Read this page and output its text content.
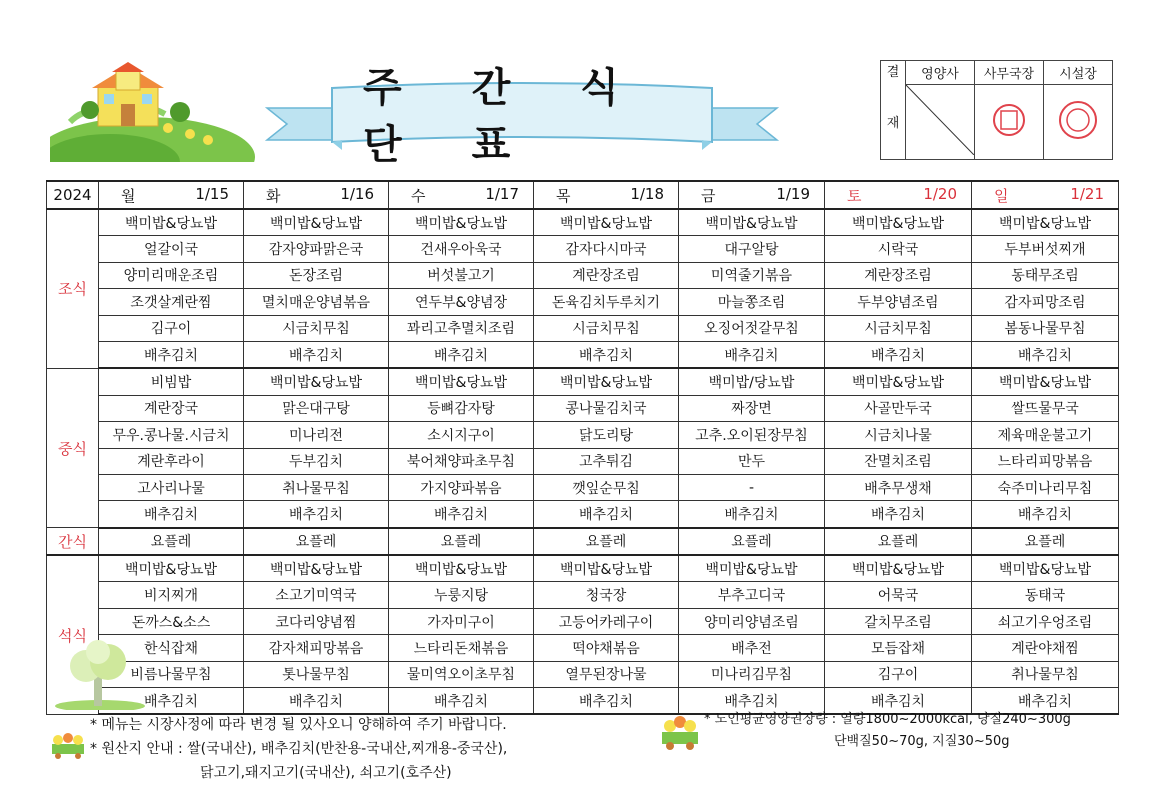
주 간 식 단 표
결
재	영양사	사무국장	시설장

2024	월 1/15	화 1/16	수 1/17	목 1/18	금 1/19	토 1/20	일 1/21

조식	백미밥&당뇨밥	백미밥&당뇨밥	백미밥&당뇨밥	백미밥&당뇨밥	백미밥&당뇨밥	백미밥&당뇨밥	백미밥&당뇨밥
	얼갈이국	감자양파맑은국	건새우아욱국	감자다시마국	대구알탕	시락국	두부버섯찌개
	양미리매운조림	돈장조림	버섯불고기	계란장조림	미역줄기볶음	계란장조림	동태무조림
	조갯살계란찜	멸치매운양념볶음	연두부&양념장	돈육김치두루치기	마늘쫑조림	두부양념조림	감자피망조림
	김구이	시금치무침	꽈리고추멸치조림	시금치무침	오징어젓갈무침	시금치무침	봄동나물무침
	배추김치	배추김치	배추김치	배추김치	배추김치	배추김치	배추김치
중식	비빔밥	백미밥&당뇨밥	백미밥&당뇨밥	백미밥&당뇨밥	백미밥/당뇨밥	백미밥&당뇨밥	백미밥&당뇨밥
	계란장국	맑은대구탕	등뼈감자탕	콩나물김치국	짜장면	사골만두국	쌀뜨물무국
	무우.콩나물.시금치	미나리전	소시지구이	닭도리탕	고추.오이된장무침	시금치나물	제육매운불고기
	계란후라이	두부김치	북어채양파초무침	고추튀김	만두	잔멸치조림	느타리피망볶음
	고사리나물	취나물무침	가지양파볶음	깻잎순무침	-	배추무생채	숙주미나리무침
	배추김치	배추김치	배추김치	배추김치	배추김치	배추김치	배추김치
간식	요플레	요플레	요플레	요플레	요플레	요플레	요플레
석식	백미밥&당뇨밥	백미밥&당뇨밥	백미밥&당뇨밥	백미밥&당뇨밥	백미밥&당뇨밥	백미밥&당뇨밥	백미밥&당뇨밥
	비지찌개	소고기미역국	누룽지탕	청국장	부추고디국	어묵국	동태국
	돈까스&소스	코다리양념찜	가자미구이	고등어카레구이	양미리양념조림	갈치무조림	쇠고기우엉조림
	한식잡채	감자채피망볶음	느타리돈채볶음	떡야채볶음	배추전	모듬잡채	계란야채찜
	비름나물무침	톳나물무침	물미역오이초무침	열무된장나물	미나리김무침	김구이	취나물무침
	배추김치	배추김치	배추김치	배추김치	배추김치	배추김치	배추김치
* 메뉴는 시장사정에 따라 변경 될 있사오니 양해하여 주기 바랍니다.
* 원산지 안내 : 쌀(국내산), 배추김치(반찬용-국내산,찌개용-중국산),
닭고기,돼지고기(국내산), 쇠고기(호주산)
* 노인평균영양권장량 : 열량1800~2000kcal, 당질240~300g
단백질50~70g, 지질30~50g
